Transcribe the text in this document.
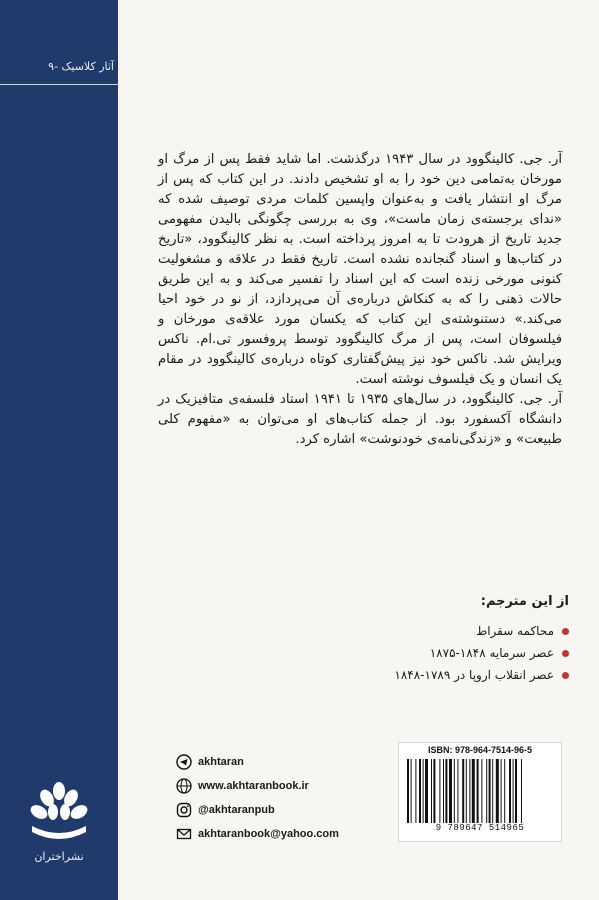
آثار کلاسیک -۹
نشراختران

آر. جی. کالینگوود در سال ۱۹۴۳ درگذشت. اما شاید فقط پس از مرگ او مورخان به‌تمامی دین خود را به او تشخیص دادند. در این کتاب که پس از مرگ او انتشار یافت و به‌عنوان واپسین کلمات مردی توصیف شده که «ندای برجسته‌ی زمان ماست»، وی به بررسی چگونگی بالیدن مفهومی جدید تاریخ از هرودت تا به امروز پرداخته است. به نظر کالینگوود، «تاریخ در کتاب‌ها و اسناد گنجانده نشده است. تاریخ فقط در علاقه و مشغولیت کنونی مورخی زنده است که این اسناد را تفسیر می‌کند و به این طریق حالات ذهنی را که به کنکاش درباره‌ی آن می‌پردازد، از نو در خود احیا می‌کند.» دستنوشته‌ی این کتاب که یکسان مورد علاقه‌ی مورخان و فیلسوفان است، پس از مرگ کالینگوود توسط پروفسور تی.ام. ناکس ویرایش شد. ناکس خود نیز پیش‌گفتاری کوتاه درباره‌ی کالینگوود در مقام یک انسان و یک فیلسوف نوشته است.

آر. جی. کالینگوود، در سال‌های ۱۹۳۵ تا ۱۹۴۱ استاد فلسفه‌ی متافیزیک در دانشگاه آکسفورد بود. از جمله کتاب‌های او می‌توان به «مفهوم کلی طبیعت» و «زندگی‌نامه‌ی خودنوشت» اشاره کرد.

از این مترجم:
محاکمه سقراط
عصر سرمایه ۱۸۴۸-۱۸۷۵
عصر انقلاب اروپا در ۱۷۸۹-۱۸۴۸
akhtaran
www.akhtaranbook.ir
@akhtaranpub
akhtaranbook@yahoo.com
ISBN: 978-964-7514-96-5
9 789647 514965
